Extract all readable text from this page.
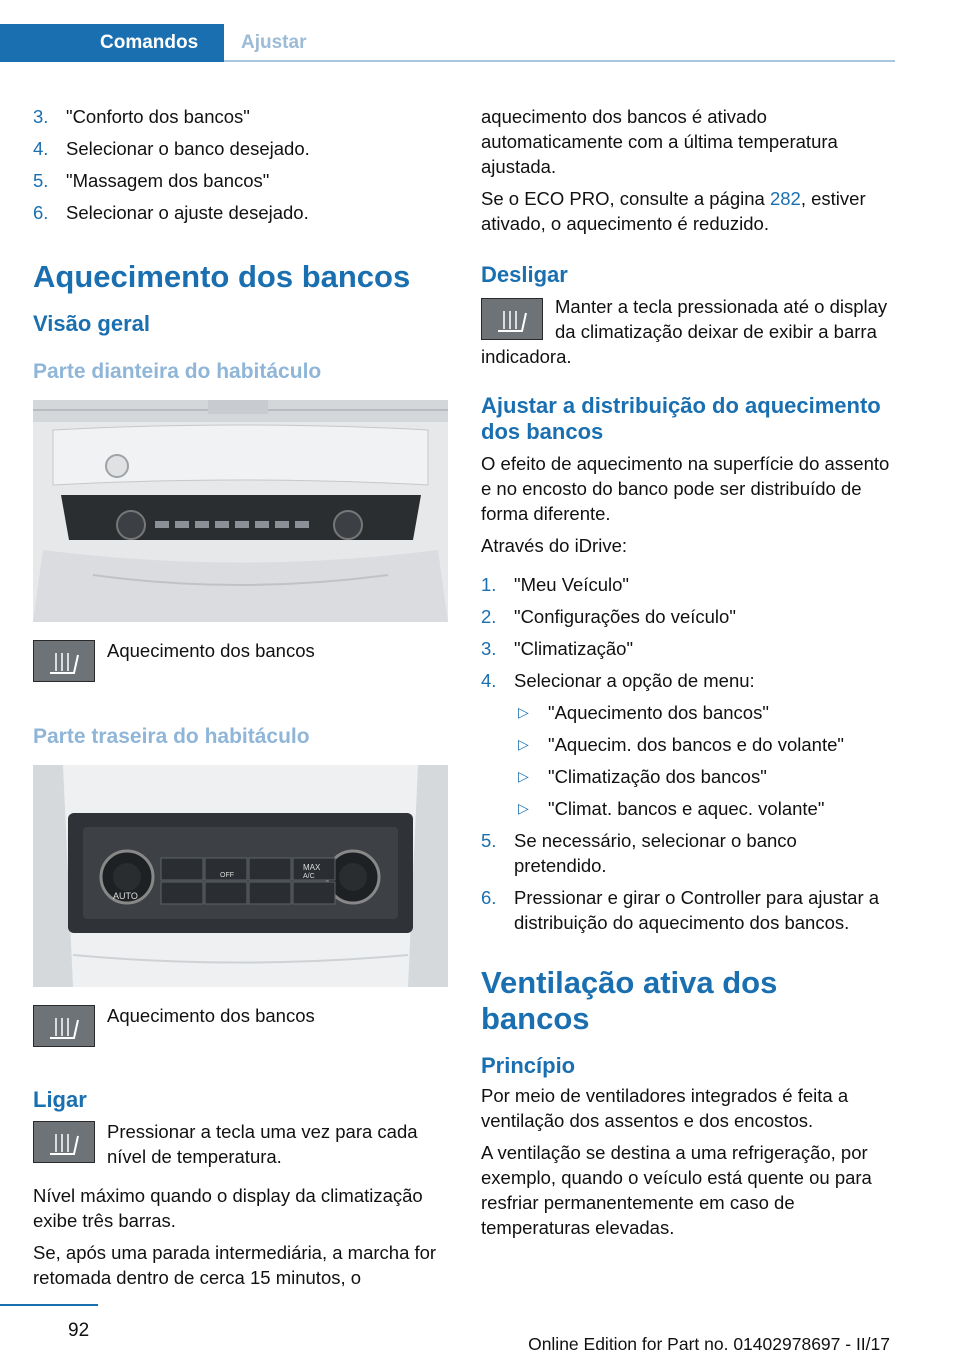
Comandos	Ajustar
3. "Conforto dos bancos"
4. Selecionar o banco desejado.
5. "Massagem dos bancos"
6. Selecionar o ajuste desejado.
Aquecimento dos bancos
Visão geral
Parte dianteira do habitáculo
Aquecimento dos bancos
Parte traseira do habitáculo
AUTO
OFF
MAX
A/C
Aquecimento dos bancos
Ligar
Pressionar a tecla uma vez para cada nível de temperatura.

Nível máximo quando o display da climatização exibe três barras.

Se, após uma parada intermediária, a marcha for retomada dentro de cerca 15 minutos, o

aquecimento dos bancos é ativado automaticamente com a última temperatura ajustada.

Se o ECO PRO, consulte a página 282, estiver ativado, o aquecimento é reduzido.

Desligar
Manter a tecla pressionada até o display da climatização deixar de exibir a barra indicadora.
Ajustar a distribuição do aquecimento dos bancos

O efeito de aquecimento na superfície do assento e no encosto do banco pode ser distribuído de forma diferente.

Através do iDrive:

1. "Meu Veículo"
2. "Configurações do veículo"
3. "Climatização"
4. Selecionar a opção de menu:
▷ "Aquecimento dos bancos"
▷ "Aquecim. dos bancos e do volante"
▷ "Climatização dos bancos"
▷ "Climat. bancos e aquec. volante"
5. Se necessário, selecionar o banco pretendido.
6. Pressionar e girar o Controller para ajustar a distribuição do aquecimento dos bancos.
Ventilação ativa dos bancos
Princípio

Por meio de ventiladores integrados é feita a ventilação dos assentos e dos encostos.

A ventilação se destina a uma refrigeração, por exemplo, quando o veículo está quente ou para resfriar permanentemente em caso de temperaturas elevadas.

92
Online Edition for Part no. 01402978697 - II/17
